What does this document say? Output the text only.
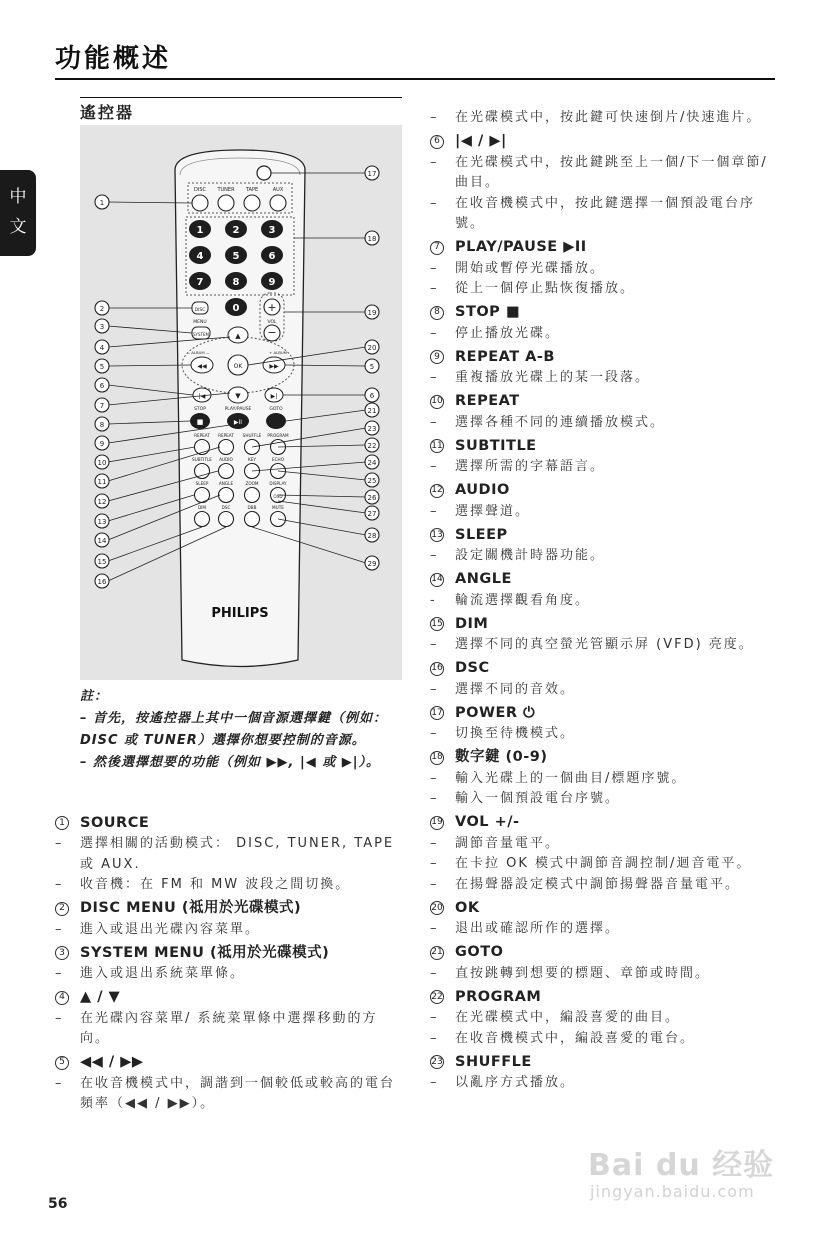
功能概述
中
文
遙控器
DISC TUNER TAPE	AUX
1	2	3
4	5	6
7	8	9
0
DISC
MENU
SYSTEM
+
VOL
−
▲
▼
◀◀	▶▶
OK
— ALBUM —	+ ALBUM
|◀	▶|
STOP	PLAY/PAUSE	GOTO
■	▶II
REPEAT REPEAT SHUFFLE PROGRAM
SUBTITLE AUDIO	KEY	ECHO
SLEEP ANGLE	ZOOM	DISPLAY
DIM	DSC	DBB	MUTE
OSD
1
2
3
4
5
6
7
8
9
10
11
12
13
14
15
16
17
18
19
20
5
6
21
23
22
24
25
26
27
28
29
PHILIPS
註：
– 首先，按遙控器上其中一個音源選擇鍵（例如：DISC 或 TUNER）選擇你想要控制的音源。
– 然後選擇想要的功能（例如 ▶▶, |◀ 或 ▶|）。
1 SOURCE
–	選擇相關的活動模式： DISC, TUNER, TAPE 或 AUX.
–	收音機：在 FM 和 MW 波段之間切換。
2 DISC MENU (祗用於光碟模式)
–	進入或退出光碟內容菜單。
3 SYSTEM MENU (祗用於光碟模式)
–	進入或退出系統菜單條。
4 ▲ / ▼
–	在光碟內容菜單/ 系統菜單條中選擇移動的方向。
5 ◀◀ / ▶▶
–	在收音機模式中，調諧到一個較低或較高的電台頻率（◀◀ / ▶▶）。
–	在光碟模式中，按此鍵可快速倒片/快速進片。
6 |◀ / ▶|
–	在光碟模式中，按此鍵跳至上一個/下一個章節/曲目。
–	在收音機模式中，按此鍵選擇一個預設電台序號。
7 PLAY/PAUSE ▶II
–	開始或暫停光碟播放。
–	從上一個停止點恢復播放。
8 STOP ■
–	停止播放光碟。
9 REPEAT A-B
–	重複播放光碟上的某一段落。
10 REPEAT
–	選擇各種不同的連續播放模式。
11 SUBTITLE
–	選擇所需的字幕語言。
12 AUDIO
–	選擇聲道。
13 SLEEP
–	設定關機計時器功能。
14 ANGLE
-	輪流選擇觀看角度。
15 DIM
–	選擇不同的真空螢光管顯示屏 (VFD) 亮度。
16 DSC
–	選擇不同的音效。
17 POWER ⏻
–	切換至待機模式。
18 數字鍵 (0-9)
–	輸入光碟上的一個曲目/標題序號。
–	輸入一個預設電台序號。
19 VOL +/-
–	調節音量電平。
–	在卡拉 OK 模式中調節音調控制/迴音電平。
–	在揚聲器設定模式中調節揚聲器音量電平。
20 OK
–	退出或確認所作的選擇。
21 GOTO
–	直按跳轉到想要的標題、章節或時間。
22 PROGRAM
–	在光碟模式中，編設喜愛的曲目。
–	在收音機模式中，編設喜愛的電台。
23 SHUFFLE
–	以亂序方式播放。
56
Bai du 经验
jingyan.baidu.com
